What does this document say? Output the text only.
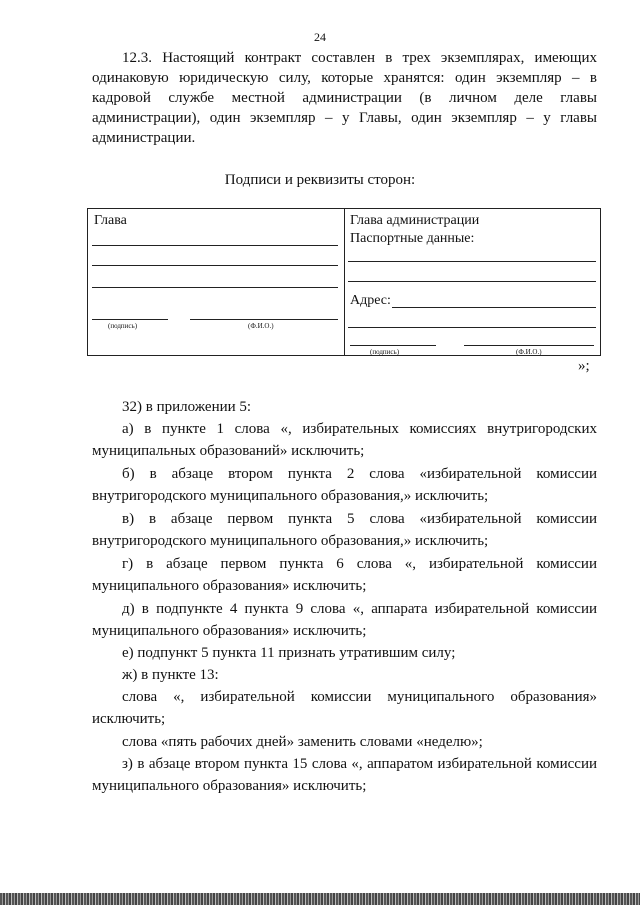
24

12.3. Настоящий контракт составлен в трех экземплярах, имеющих одинаковую юридическую силу, которые хранятся: один экземпляр – в кадровой службе местной администрации (в личном деле главы администрации), один экземпляр – у Главы, один экземпляр – у главы администрации.

Подписи и реквизиты сторон:
Глава
(подпись)	(Ф.И.О.)
Глава администрации
Паспортные данные:
Адрес:
(подпись)	(Ф.И.О.)
»;

32) в приложении 5:

а) в пункте 1 слова «, избирательных комиссиях внутригородских муниципальных образований» исключить;

б) в абзаце втором пункта 2 слова «избирательной комиссии внутригородского муниципального образования,» исключить;

в) в абзаце первом пункта 5 слова «избирательной комиссии внутригородского муниципального образования,» исключить;

г) в абзаце первом пункта 6 слова «, избирательной комиссии муниципального образования» исключить;

д) в подпункте 4 пункта 9 слова «, аппарата избирательной комиссии муниципального образования» исключить;

е) подпункт 5 пункта 11 признать утратившим силу;

ж) в пункте 13:

слова «, избирательной комиссии муниципального образования» исключить;

слова «пять рабочих дней» заменить словами «неделю»;

з) в абзаце втором пункта 15 слова «, аппаратом избирательной комиссии муниципального образования» исключить;
